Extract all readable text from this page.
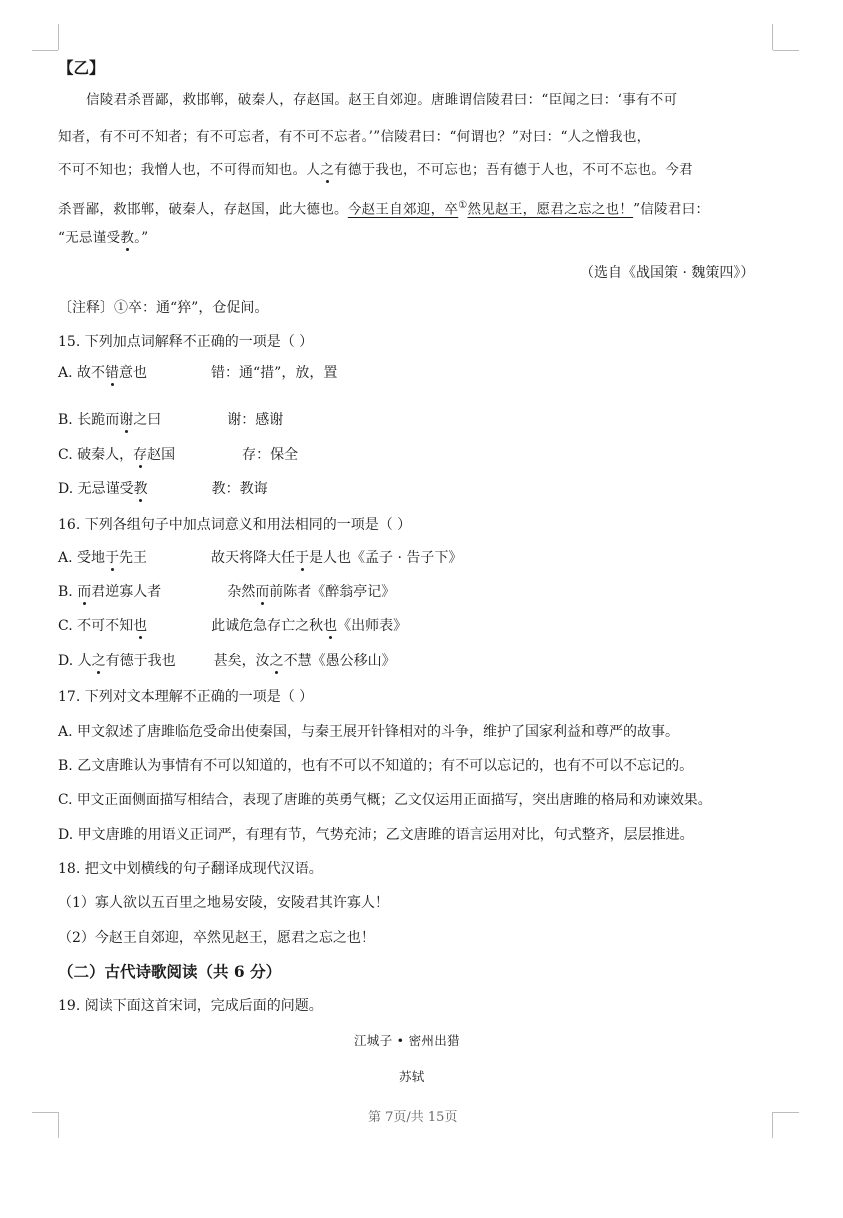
【乙】
信陵君杀晋鄙，救邯郸，破秦人，存赵国。赵王自郊迎。唐雎谓信陵君曰：“臣闻之曰：‘事有不可
知者，有不可不知者；有不可忘者，有不可不忘者。’”信陵君曰：“何谓也？”对曰：“人之憎我也，
不可不知也；我憎人也，不可得而知也。人之有德于我也，不可忘也；吾有德于人也，不可不忘也。今君
杀晋鄙，救邯郸，破秦人，存赵国，此大德也。今赵王自郊迎，卒①然见赵王，愿君之忘之也！”信陵君曰：
“无忌谨受教。”
（选自《战国策 · 魏策四》）
〔注释〕①卒：通“猝”，仓促间。
15. 下列加点词解释不正确的一项是（ ）
A. 故不错意也	错：通“措”，放，置
B. 长跪而谢之曰	谢：感谢
C. 破秦人，存赵国	存：保全
D. 无忌谨受教	教：教诲
16. 下列各组句子中加点词意义和用法相同的一项是（ ）
A. 受地于先王	故天将降大任于是人也《孟子 · 告子下》
B. 而君逆寡人者	杂然而前陈者《醉翁亭记》
C. 不可不知也	此诚危急存亡之秋也《出师表》
D. 人之有德于我也	甚矣，汝之不慧《愚公移山》
17. 下列对文本理解不正确的一项是（ ）
A. 甲文叙述了唐雎临危受命出使秦国，与秦王展开针锋相对的斗争，维护了国家利益和尊严的故事。
B. 乙文唐雎认为事情有不可以知道的，也有不可以不知道的；有不可以忘记的，也有不可以不忘记的。
C. 甲文正面侧面描写相结合，表现了唐雎的英勇气概；乙文仅运用正面描写，突出唐雎的格局和劝谏效果。
D. 甲文唐雎的用语义正词严，有理有节，气势充沛；乙文唐雎的语言运用对比，句式整齐，层层推进。
18. 把文中划横线的句子翻译成现代汉语。
（1）寡人欲以五百里之地易安陵，安陵君其许寡人！
（2）今赵王自郊迎，卒然见赵王，愿君之忘之也！
（二）古代诗歌阅读（共 6 分）
19. 阅读下面这首宋词，完成后面的问题。
江城子 • 密州出猎
苏轼
第 7页/共 15页
